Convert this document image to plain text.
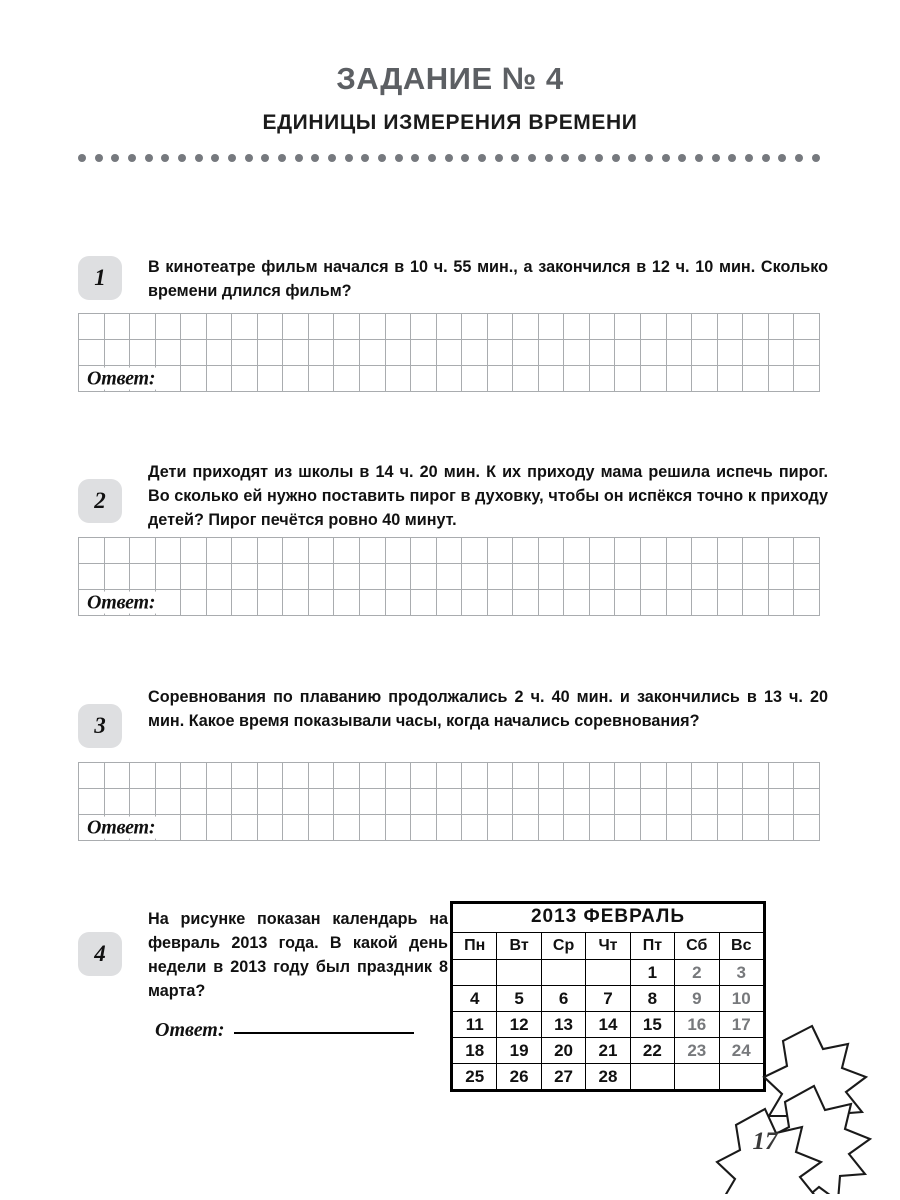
ЗАДАНИЕ № 4
ЕДИНИЦЫ ИЗМЕРЕНИЯ ВРЕМЕНИ
1	В кинотеатре фильм начался в 10 ч. 55 мин., а закончился в 12 ч. 10 мин. Сколько времени длился фильм?
Ответ:
2
Дети приходят из школы в 14 ч. 20 мин. К их приходу мама решила испечь пирог. Во сколько ей нужно поставить пирог в духовку, чтобы он испёкся точно к приходу детей? Пирог печётся ровно 40 минут.
Ответ:
3
Соревнования по плаванию продолжались 2 ч. 40 мин. и закончились в 13 ч. 20 мин. Какое время показывали часы, когда начались соревнования?
Ответ:
4
На рисунке показан календарь на февраль 2013 года. В какой день недели в 2013 году был праздник 8 марта?
Ответ:
2013 ФЕВРАЛЬ						
Пн	Вт	Ср	Чт	Пт	Сб	Вс
				1	2	3
4	5	6	7	8	9	10
11	12	13	14	15	16	17
18	19	20	21	22	23	24
25	26	27	28			
17
